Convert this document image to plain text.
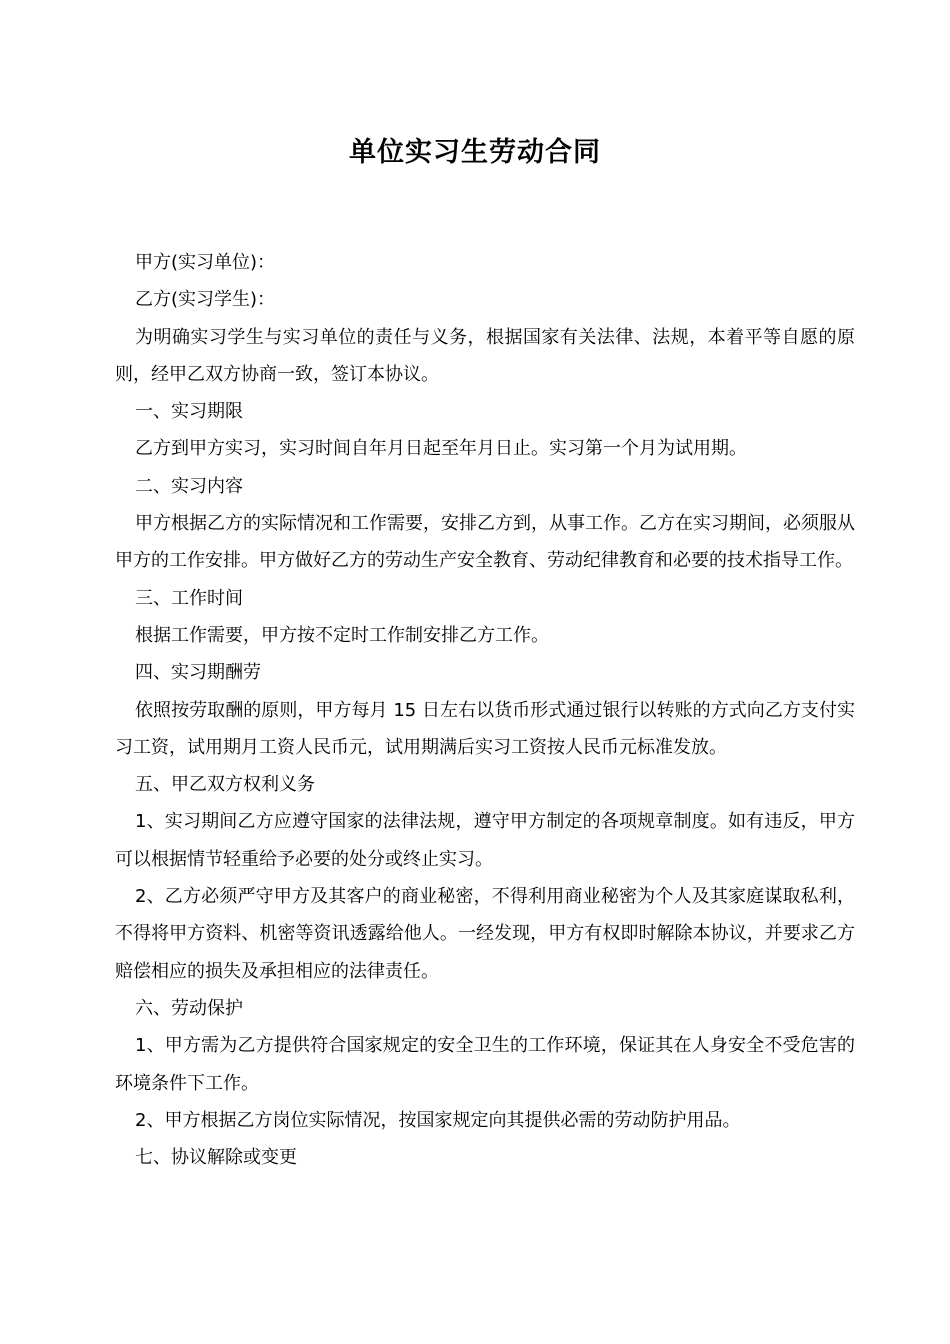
单位实习生劳动合同

甲方(实习单位)：

乙方(实习学生)：

为明确实习学生与实习单位的责任与义务，根据国家有关法律、法规，本着平等自愿的原则，经甲乙双方协商一致，签订本协议。

一、实习期限

乙方到甲方实习，实习时间自年月日起至年月日止。实习第一个月为试用期。

二、实习内容

甲方根据乙方的实际情况和工作需要，安排乙方到，从事工作。乙方在实习期间，必须服从甲方的工作安排。甲方做好乙方的劳动生产安全教育、劳动纪律教育和必要的技术指导工作。

三、工作时间

根据工作需要，甲方按不定时工作制安排乙方工作。

四、实习期酬劳

依照按劳取酬的原则，甲方每月 15 日左右以货币形式通过银行以转账的方式向乙方支付实习工资，试用期月工资人民币元，试用期满后实习工资按人民币元标准发放。

五、甲乙双方权利义务

1、实习期间乙方应遵守国家的法律法规，遵守甲方制定的各项规章制度。如有违反，甲方可以根据情节轻重给予必要的处分或终止实习。

2、乙方必须严守甲方及其客户的商业秘密，不得利用商业秘密为个人及其家庭谋取私利，不得将甲方资料、机密等资讯透露给他人。一经发现，甲方有权即时解除本协议，并要求乙方赔偿相应的损失及承担相应的法律责任。

六、劳动保护

1、甲方需为乙方提供符合国家规定的安全卫生的工作环境，保证其在人身安全不受危害的环境条件下工作。

2、甲方根据乙方岗位实际情况，按国家规定向其提供必需的劳动防护用品。

七、协议解除或变更
